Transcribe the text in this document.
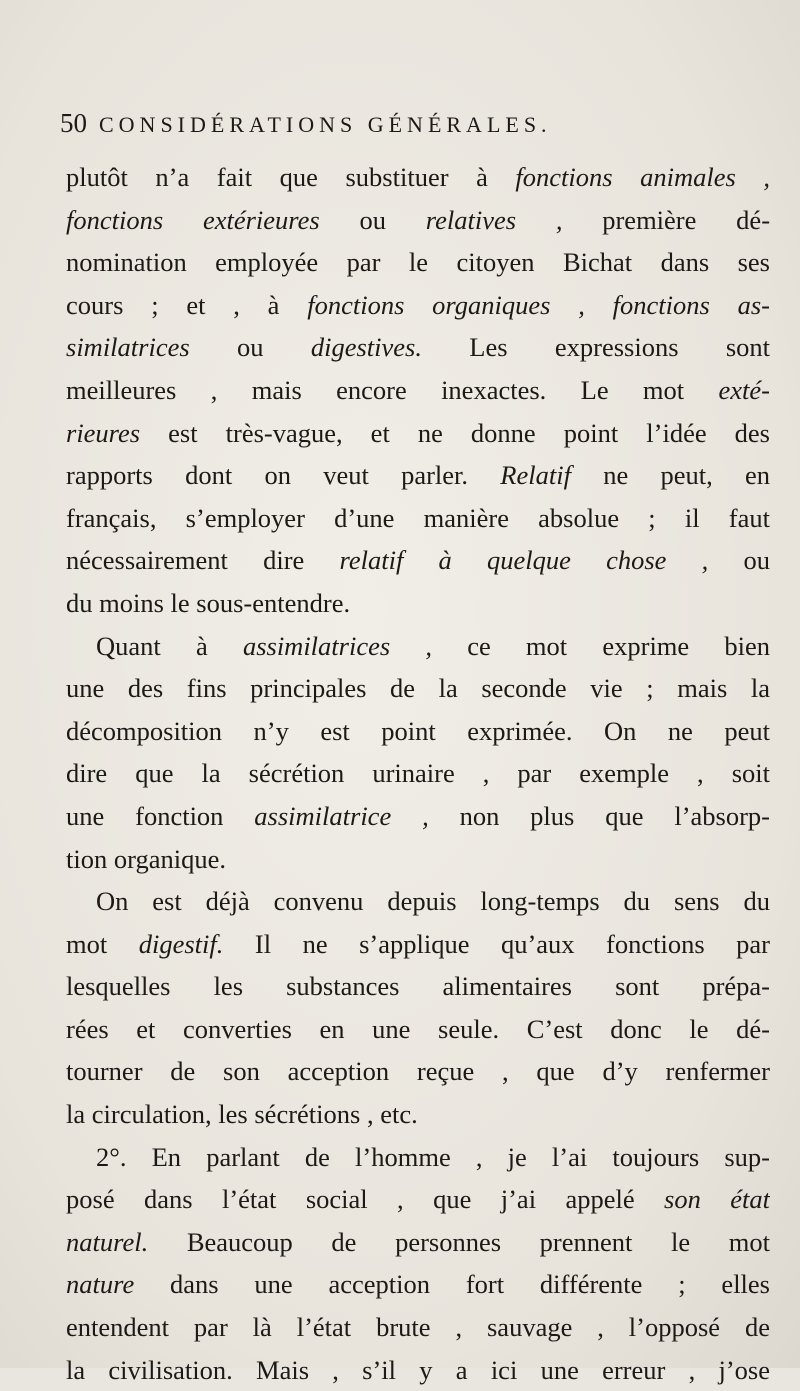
50 CONSIDÉRATIONS GÉNÉRALES.
plutôt n’a fait que substituer à fonctions animales ,
fonctions extérieures ou relatives , première dé-
nomination employée par le citoyen Bichat dans ses
cours ; et , à fonctions organiques , fonctions as-
similatrices ou digestives. Les expressions sont
meilleures , mais encore inexactes. Le mot exté-
rieures est très-vague, et ne donne point l’idée des
rapports dont on veut parler. Relatif ne peut, en
français, s’employer d’une manière absolue ; il faut
nécessairement dire relatif à quelque chose , ou
du moins le sous-entendre.
Quant à assimilatrices , ce mot exprime bien
une des fins principales de la seconde vie ; mais la
décomposition n’y est point exprimée. On ne peut
dire que la sécrétion urinaire , par exemple , soit
une fonction assimilatrice , non plus que l’absorp-
tion organique.
On est déjà convenu depuis long-temps du sens du
mot digestif. Il ne s’applique qu’aux fonctions par
lesquelles les substances alimentaires sont prépa-
rées et converties en une seule. C’est donc le dé-
tourner de son acception reçue , que d’y renfermer
la circulation, les sécrétions , etc.
2°. En parlant de l’homme , je l’ai toujours sup-
posé dans l’état social , que j’ai appelé son état
naturel. Beaucoup de personnes prennent le mot
nature dans une acception fort différente ; elles
entendent par là l’état brute , sauvage , l’opposé de
la civilisation. Mais , s’il y a ici une erreur , j’ose
